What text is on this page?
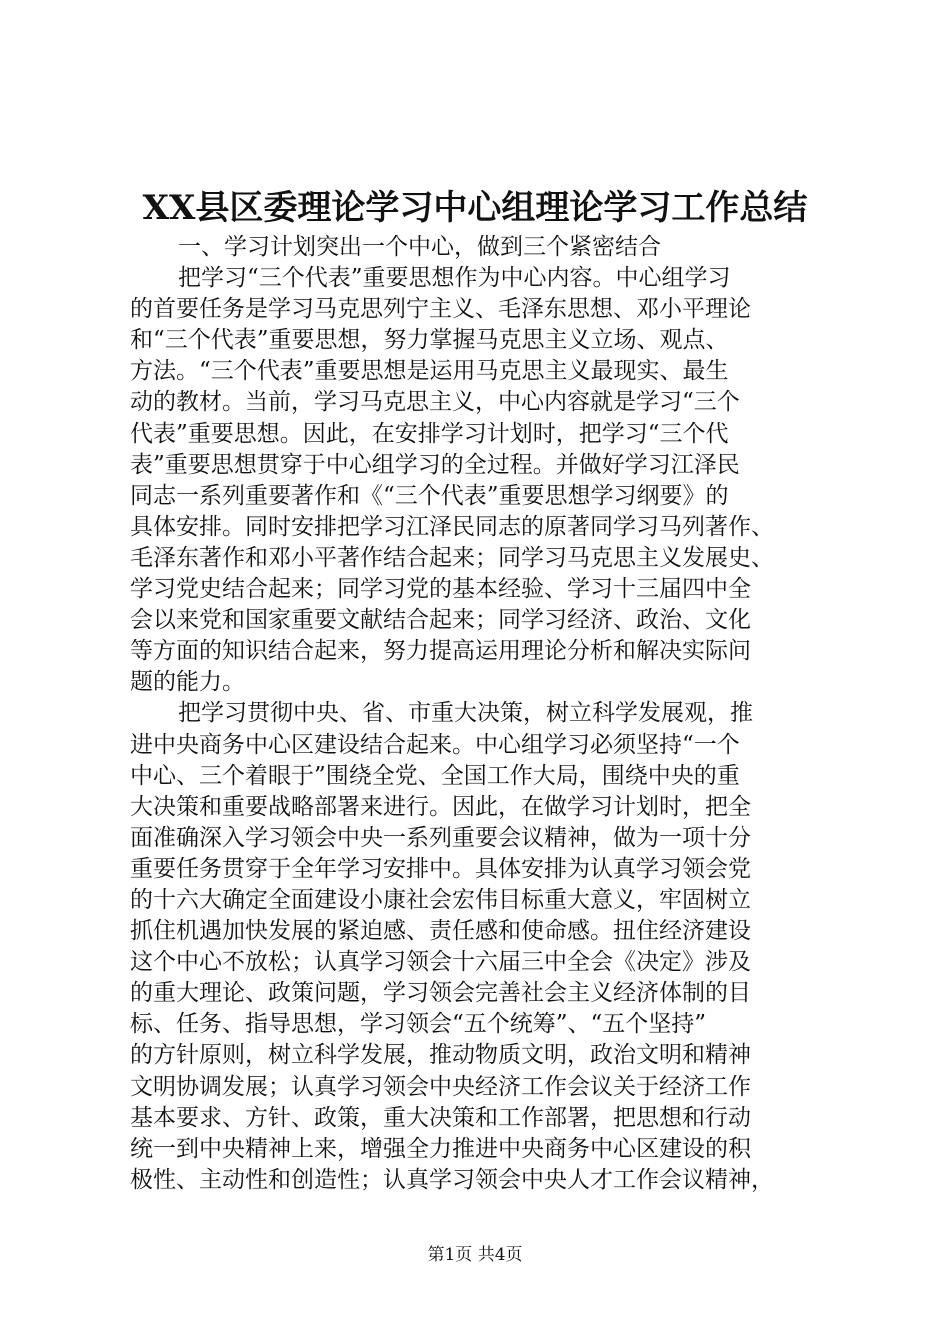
XX县区委理论学习中心组理论学习工作总结
一、学习计划突出一个中心，做到三个紧密结合
把学习“三个代表”重要思想作为中心内容。中心组学习
的首要任务是学习马克思列宁主义、毛泽东思想、邓小平理论
和“三个代表”重要思想，努力掌握马克思主义立场、观点、
方法。“三个代表”重要思想是运用马克思主义最现实、最生
动的教材。当前，学习马克思主义，中心内容就是学习“三个
代表”重要思想。因此，在安排学习计划时，把学习“三个代
表”重要思想贯穿于中心组学习的全过程。并做好学习江泽民
同志一系列重要著作和《“三个代表”重要思想学习纲要》的
具体安排。同时安排把学习江泽民同志的原著同学习马列著作、
毛泽东著作和邓小平著作结合起来；同学习马克思主义发展史、
学习党史结合起来；同学习党的基本经验、学习十三届四中全
会以来党和国家重要文献结合起来；同学习经济、政治、文化
等方面的知识结合起来，努力提高运用理论分析和解决实际问
题的能力。
把学习贯彻中央、省、市重大决策，树立科学发展观，推
进中央商务中心区建设结合起来。中心组学习必须坚持“一个
中心、三个着眼于”围绕全党、全国工作大局，围绕中央的重
大决策和重要战略部署来进行。因此，在做学习计划时，把全
面准确深入学习领会中央一系列重要会议精神，做为一项十分
重要任务贯穿于全年学习安排中。具体安排为认真学习领会党
的十六大确定全面建设小康社会宏伟目标重大意义，牢固树立
抓住机遇加快发展的紧迫感、责任感和使命感。扭住经济建设
这个中心不放松；认真学习领会十六届三中全会《决定》涉及
的重大理论、政策问题，学习领会完善社会主义经济体制的目
标、任务、指导思想，学习领会“五个统筹”、“五个坚持”
的方针原则，树立科学发展，推动物质文明，政治文明和精神
文明协调发展；认真学习领会中央经济工作会议关于经济工作
基本要求、方针、政策，重大决策和工作部署，把思想和行动
统一到中央精神上来，增强全力推进中央商务中心区建设的积
极性、主动性和创造性；认真学习领会中央人才工作会议精神，
第1页 共4页
